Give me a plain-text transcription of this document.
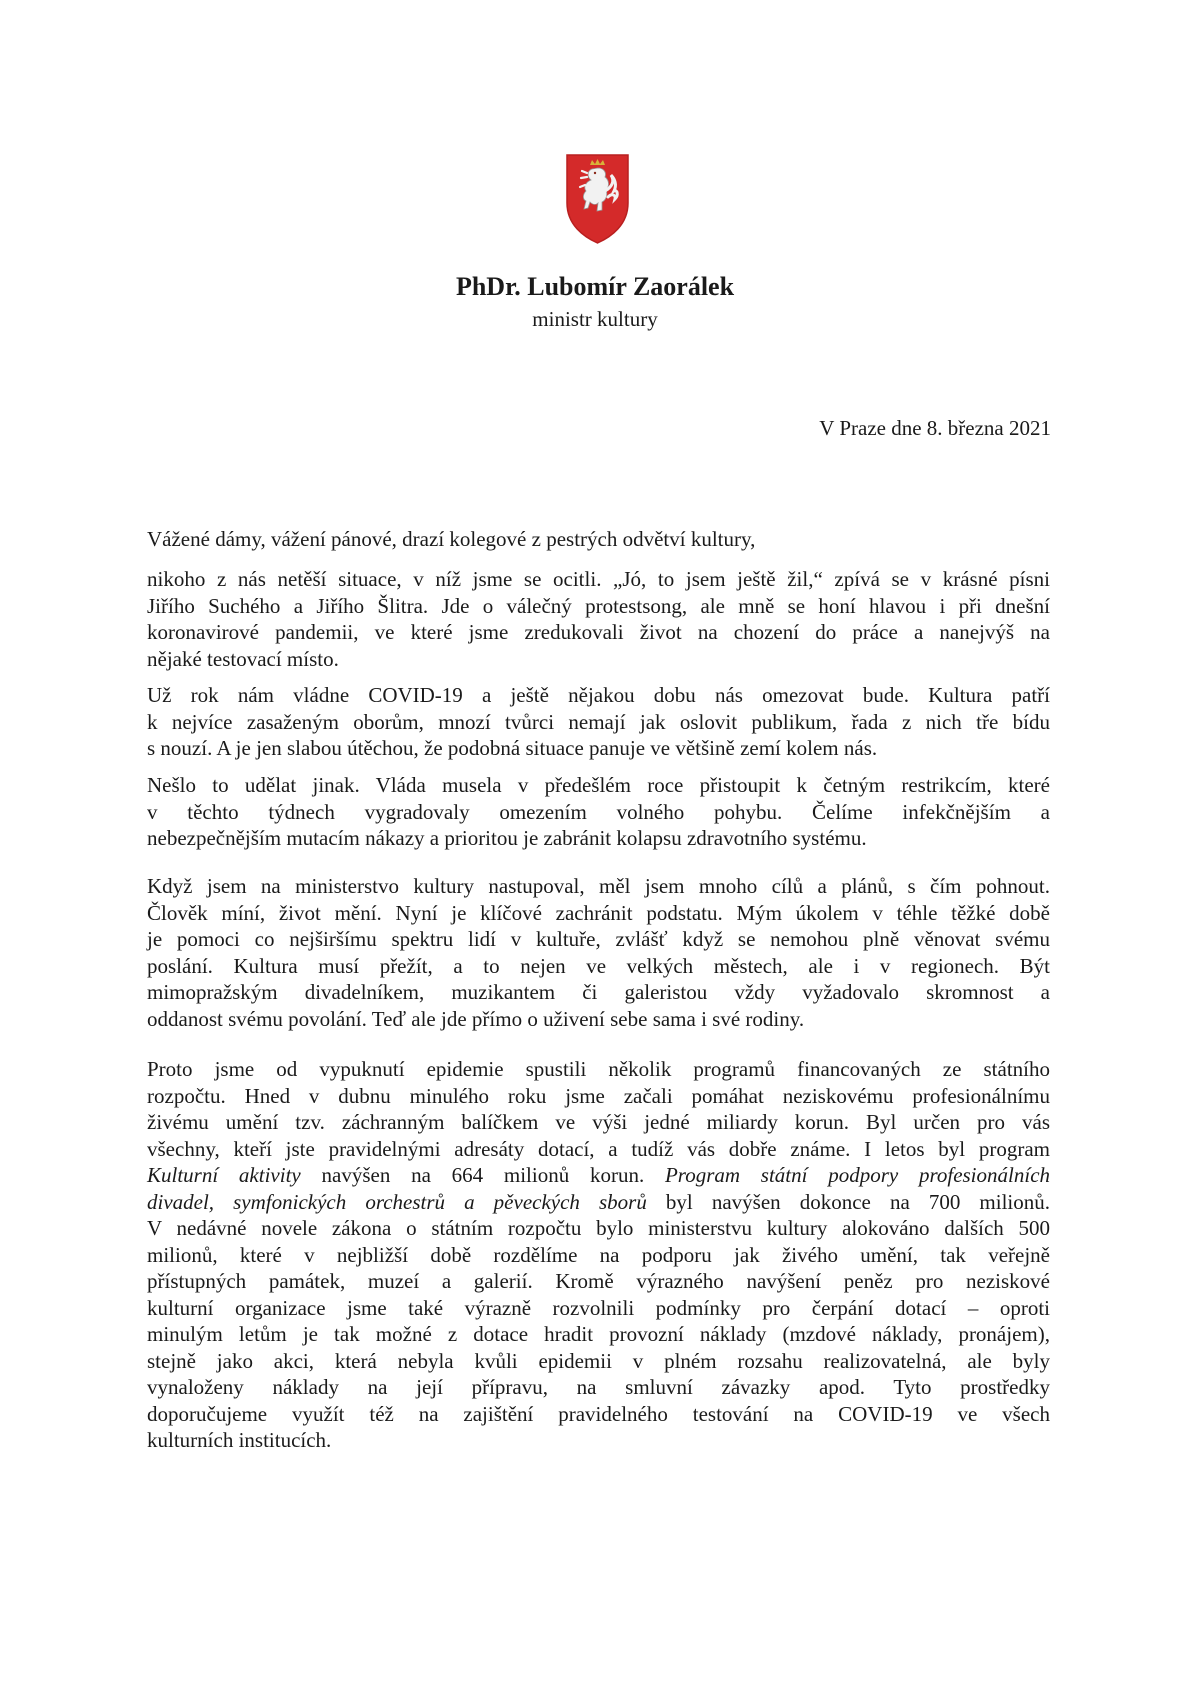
PhDr. Lubomír Zaorálek
ministr kultury
V Praze dne 8. března 2021
Vážené dámy, vážení pánové, drazí kolegové z pestrých odvětví kultury,
nikoho z nás netěší situace, v níž jsme se ocitli. „Jó, to jsem ještě žil,“ zpívá se v krásné písni
Jiřího Suchého a Jiřího Šlitra. Jde o válečný protestsong, ale mně se honí hlavou i při dnešní
koronavirové pandemii, ve které jsme zredukovali život na chození do práce a nanejvýš na
nějaké testovací místo.
Už rok nám vládne COVID-19 a ještě nějakou dobu nás omezovat bude. Kultura patří
k nejvíce zasaženým oborům, mnozí tvůrci nemají jak oslovit publikum, řada z nich tře bídu
s nouzí. A je jen slabou útěchou, že podobná situace panuje ve většině zemí kolem nás.
Nešlo to udělat jinak. Vláda musela v předešlém roce přistoupit k četným restrikcím, které
v těchto týdnech vygradovaly omezením volného pohybu. Čelíme infekčnějším a
nebezpečnějším mutacím nákazy a prioritou je zabránit kolapsu zdravotního systému.
Když jsem na ministerstvo kultury nastupoval, měl jsem mnoho cílů a plánů, s čím pohnout.
Člověk míní, život mění. Nyní je klíčové zachránit podstatu. Mým úkolem v téhle těžké době
je pomoci co nejširšímu spektru lidí v kultuře, zvlášť když se nemohou plně věnovat svému
poslání. Kultura musí přežít, a to nejen ve velkých městech, ale i v regionech. Být
mimopražským divadelníkem, muzikantem či galeristou vždy vyžadovalo skromnost a
oddanost svému povolání. Teď ale jde přímo o uživení sebe sama i své rodiny.
Proto jsme od vypuknutí epidemie spustili několik programů financovaných ze státního
rozpočtu. Hned v dubnu minulého roku jsme začali pomáhat neziskovému profesionálnímu
živému umění tzv. záchranným balíčkem ve výši jedné miliardy korun. Byl určen pro vás
všechny, kteří jste pravidelnými adresáty dotací, a tudíž vás dobře známe. I letos byl program
Kulturní aktivity navýšen na 664 milionů korun. Program státní podpory profesionálních
divadel, symfonických orchestrů a pěveckých sborů byl navýšen dokonce na 700 milionů.
V nedávné novele zákona o státním rozpočtu bylo ministerstvu kultury alokováno dalších 500
milionů, které v nejbližší době rozdělíme na podporu jak živého umění, tak veřejně
přístupných památek, muzeí a galerií. Kromě výrazného navýšení peněz pro neziskové
kulturní organizace jsme také výrazně rozvolnili podmínky pro čerpání dotací – oproti
minulým letům je tak možné z dotace hradit provozní náklady (mzdové náklady, pronájem),
stejně jako akci, která nebyla kvůli epidemii v plném rozsahu realizovatelná, ale byly
vynaloženy náklady na její přípravu, na smluvní závazky apod. Tyto prostředky
doporučujeme využít též na zajištění pravidelného testování na COVID-19 ve všech
kulturních institucích.
